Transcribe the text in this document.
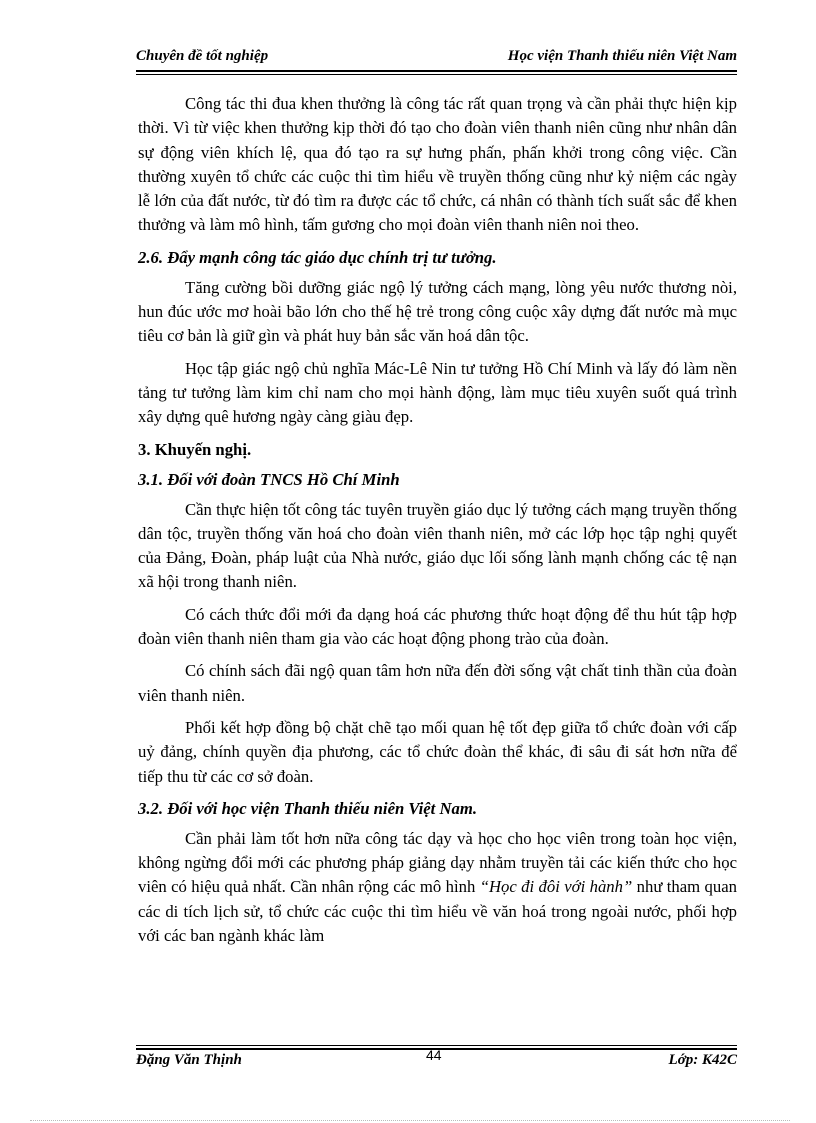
Chuyên đề tốt nghiệp	Học viện Thanh thiếu niên Việt Nam

Công tác thi đua khen thưởng là công tác rất quan trọng và cần phải thực hiện kịp thời. Vì từ việc khen thưởng kịp thời đó tạo cho đoàn viên thanh niên cũng như nhân dân sự động viên khích lệ, qua đó tạo ra sự hưng phấn, phấn khởi trong công việc. Cần thường xuyên tổ chức các cuộc thi tìm hiểu về truyền thống cũng như kỷ niệm các ngày lễ lớn của đất nước, từ đó tìm ra được các tổ chức, cá nhân có thành tích suất sắc để khen thưởng và làm mô hình, tấm gương cho mọi đoàn viên thanh niên noi theo.

2.6. Đẩy mạnh công tác giáo dục chính trị tư tưởng.

Tăng cường bồi dưỡng giác ngộ lý tưởng cách mạng, lòng yêu nước thương nòi, hun đúc ước mơ hoài bão lớn cho thế hệ trẻ trong công cuộc xây dựng đất nước mà mục tiêu cơ bản là giữ gìn và phát huy bản sắc văn hoá dân tộc.

Học tập giác ngộ chủ nghĩa Mác-Lê Nin tư tưởng Hồ Chí Minh và lấy đó làm nền tảng tư tưởng làm kim chỉ nam cho mọi hành động, làm mục tiêu xuyên suốt quá trình xây dựng quê hương ngày càng giàu đẹp.

3. Khuyến nghị.
3.1. Đối với đoàn TNCS Hồ Chí Minh

Cần thực hiện tốt công tác tuyên truyền giáo dục lý tưởng cách mạng truyền thống dân tộc, truyền thống văn hoá cho đoàn viên thanh niên, mở các lớp học tập nghị quyết của Đảng, Đoàn, pháp luật của Nhà nước, giáo dục lối sống lành mạnh chống các tệ nạn xã hội trong thanh niên.

Có cách thức đổi mới đa dạng hoá các phương thức hoạt động để thu hút tập hợp đoàn viên thanh niên tham gia vào các hoạt động phong trào của đoàn.

Có chính sách đãi ngộ quan tâm hơn nữa đến đời sống vật chất tinh thần của đoàn viên thanh niên.

Phối kết hợp đồng bộ chặt chẽ tạo mối quan hệ tốt đẹp giữa tổ chức đoàn với cấp uỷ đảng, chính quyền địa phương, các tổ chức đoàn thể khác, đi sâu đi sát hơn nữa để tiếp thu từ các cơ sở đoàn.

3.2. Đối với học viện Thanh thiếu niên Việt Nam.

Cần phải làm tốt hơn nữa công tác dạy và học cho học viên trong toàn học viện, không ngừng đổi mới các phương pháp giảng dạy nhằm truyền tải các kiến thức cho học viên có hiệu quả nhất. Cần nhân rộng các mô hình “Học đi đôi với hành” như tham quan các di tích lịch sử, tổ chức các cuộc thi tìm hiểu về văn hoá trong ngoài nước, phối hợp với các ban ngành khác làm

Đặng Văn Thịnh	44	Lớp: K42C
